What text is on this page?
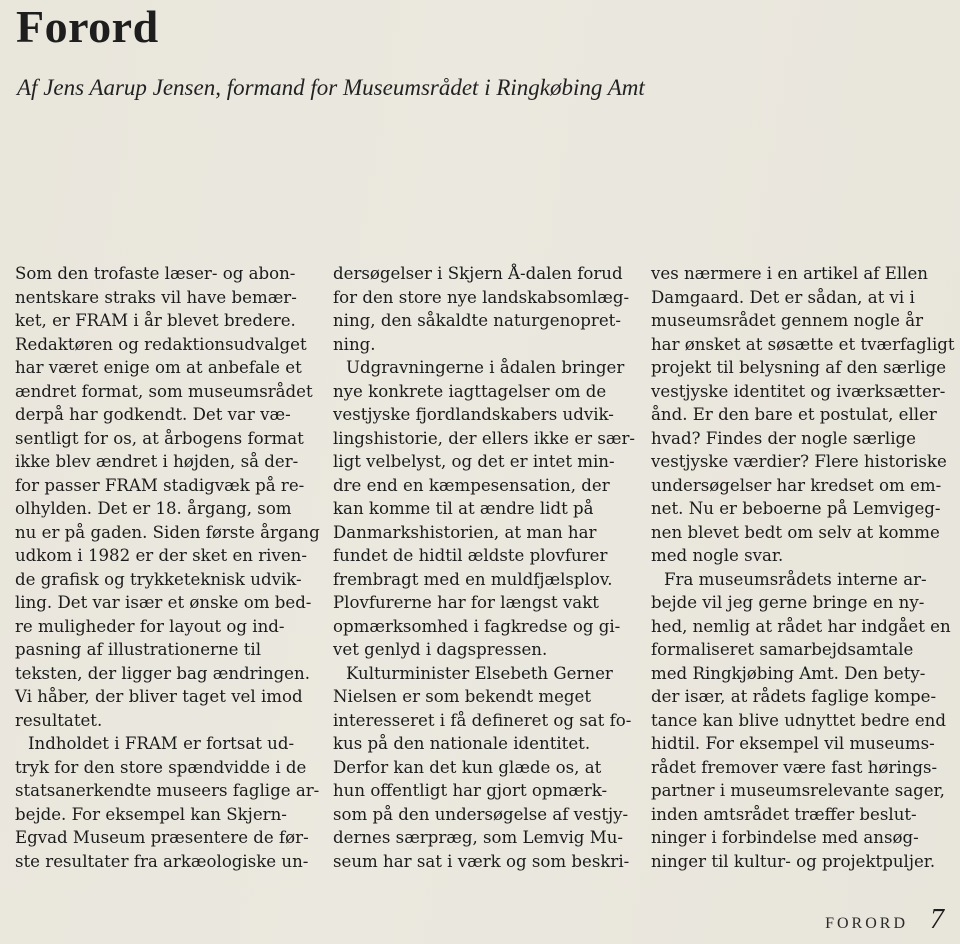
Forord

Af Jens Aarup Jensen, formand for Museumsrådet i Ringkøbing Amt

Som den trofaste læser- og abon-
nentskare straks vil have bemær-
ket, er FRAM i år blevet bredere.
Redaktøren og redaktionsudvalget
har været enige om at anbefale et
ændret format, som museumsrådet
derpå har godkendt. Det var væ-
sentligt for os, at årbogens format
ikke blev ændret i højden, så der-
for passer FRAM stadigvæk på re-
olhylden. Det er 18. årgang, som
nu er på gaden. Siden første årgang
udkom i 1982 er der sket en riven-
de grafisk og trykketeknisk udvik-
ling. Det var især et ønske om bed-
re muligheder for layout og ind-
pasning af illustrationerne til
teksten, der ligger bag ændringen.
Vi håber, der bliver taget vel imod
resultatet.
Indholdet i FRAM er fortsat ud-
tryk for den store spændvidde i de
statsanerkendte museers faglige ar-
bejde. For eksempel kan Skjern-
Egvad Museum præsentere de før-
ste resultater fra arkæologiske un-
dersøgelser i Skjern Å-dalen forud
for den store nye landskabsomlæg-
ning, den såkaldte naturgenopret-
ning.
Udgravningerne i ådalen bringer
nye konkrete iagttagelser om de
vestjyske fjordlandskabers udvik-
lingshistorie, der ellers ikke er sær-
ligt velbelyst, og det er intet min-
dre end en kæmpesensation, der
kan komme til at ændre lidt på
Danmarkshistorien, at man har
fundet de hidtil ældste plovfurer
frembragt med en muldfjælsplov.
Plovfurerne har for længst vakt
opmærksomhed i fagkredse og gi-
vet genlyd i dagspressen.
Kulturminister Elsebeth Gerner
Nielsen er som bekendt meget
interesseret i få defineret og sat fo-
kus på den nationale identitet.
Derfor kan det kun glæde os, at
hun offentligt har gjort opmærk-
som på den undersøgelse af vestjy-
dernes særpræg, som Lemvig Mu-
seum har sat i værk og som beskri-
ves nærmere i en artikel af Ellen
Damgaard. Det er sådan, at vi i
museumsrådet gennem nogle år
har ønsket at søsætte et tværfagligt
projekt til belysning af den særlige
vestjyske identitet og iværksætter-
ånd. Er den bare et postulat, eller
hvad? Findes der nogle særlige
vestjyske værdier? Flere historiske
undersøgelser har kredset om em-
net. Nu er beboerne på Lemvigeg-
nen blevet bedt om selv at komme
med nogle svar.
Fra museumsrådets interne ar-
bejde vil jeg gerne bringe en ny-
hed, nemlig at rådet har indgået en
formaliseret samarbejdsamtale
med Ringkjøbing Amt. Den bety-
der især, at rådets faglige kompe-
tance kan blive udnyttet bedre end
hidtil. For eksempel vil museums-
rådet fremover være fast hørings-
partner i museumsrelevante sager,
inden amtsrådet træffer beslut-
ninger i forbindelse med ansøg-
ninger til kultur- og projektpuljer.
FORORD 7
